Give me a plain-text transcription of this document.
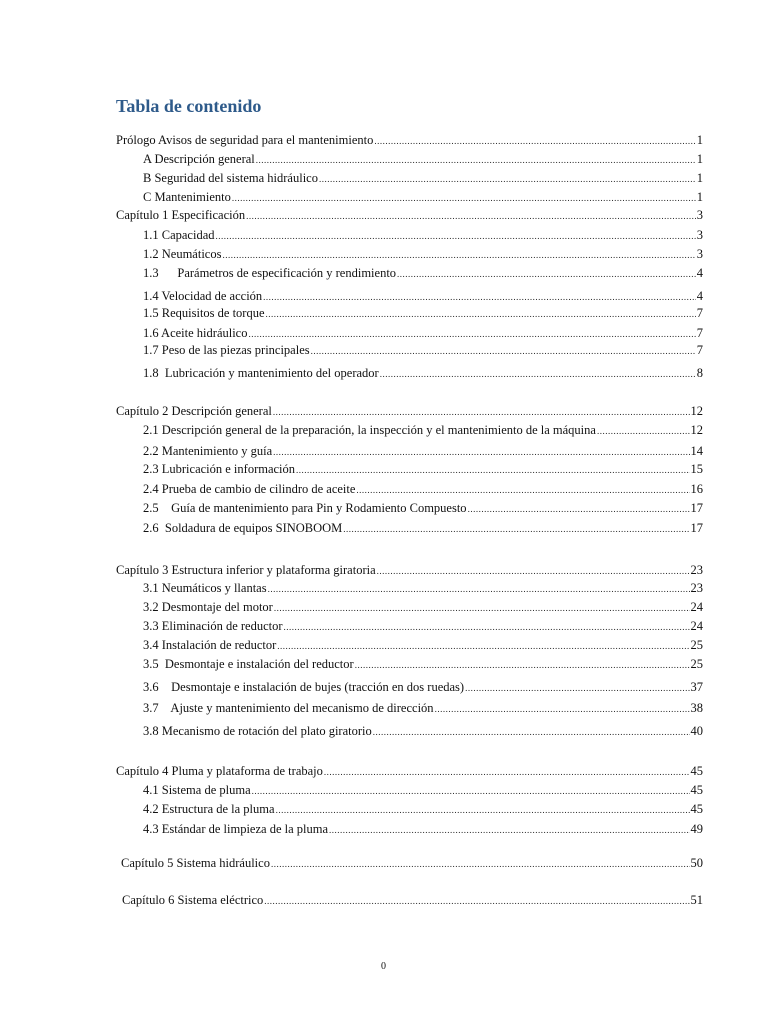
Tabla de contenido
Prólogo Avisos de seguridad para el mantenimiento .....	1
A Descripción general .....	1
B Seguridad del sistema hidráulico .....	1
C Mantenimiento .....	1
Capítulo 1 Especificación .....	3
1.1 Capacidad .....	3
1.2 Neumáticos .....	3
1.3      Parámetros de especificación y rendimiento .....	4
1.4 Velocidad de acción .....	4
1.5 Requisitos de torque .....	7
1.6 Aceite hidráulico .....	7
1.7 Peso de las piezas principales .....	7
1.8  Lubricación y mantenimiento del operador .....	8
Capítulo 2 Descripción general .....	12
2.1 Descripción general de la preparación, la inspección y el mantenimiento de la máquina .....	12
2.2 Mantenimiento y guía .....	14
2.3 Lubricación e información .....	15
2.4 Prueba de cambio de cilindro de aceite .....	16
2.5    Guía de mantenimiento para Pin y Rodamiento Compuesto .....	17
2.6  Soldadura de equipos SINOBOOM .....	17
Capítulo 3 Estructura inferior y plataforma giratoria .....	23
3.1 Neumáticos y llantas .....	23
3.2 Desmontaje del motor .....	24
3.3 Eliminación de reductor .....	24
3.4 Instalación de reductor .....	25
3.5  Desmontaje e instalación del reductor .....	25
3.6    Desmontaje e instalación de bujes (tracción en dos ruedas) .....	37
3.7    Ajuste y mantenimiento del mecanismo de dirección .....	38
3.8 Mecanismo de rotación del plato giratorio .....	40
Capítulo 4 Pluma y plataforma de trabajo .....	45
4.1 Sistema de pluma .....	45
4.2 Estructura de la pluma .....	45
4.3 Estándar de limpieza de la pluma .....	49
Capítulo 5 Sistema hidráulico .....	50
Capítulo 6 Sistema eléctrico .....	51
0
